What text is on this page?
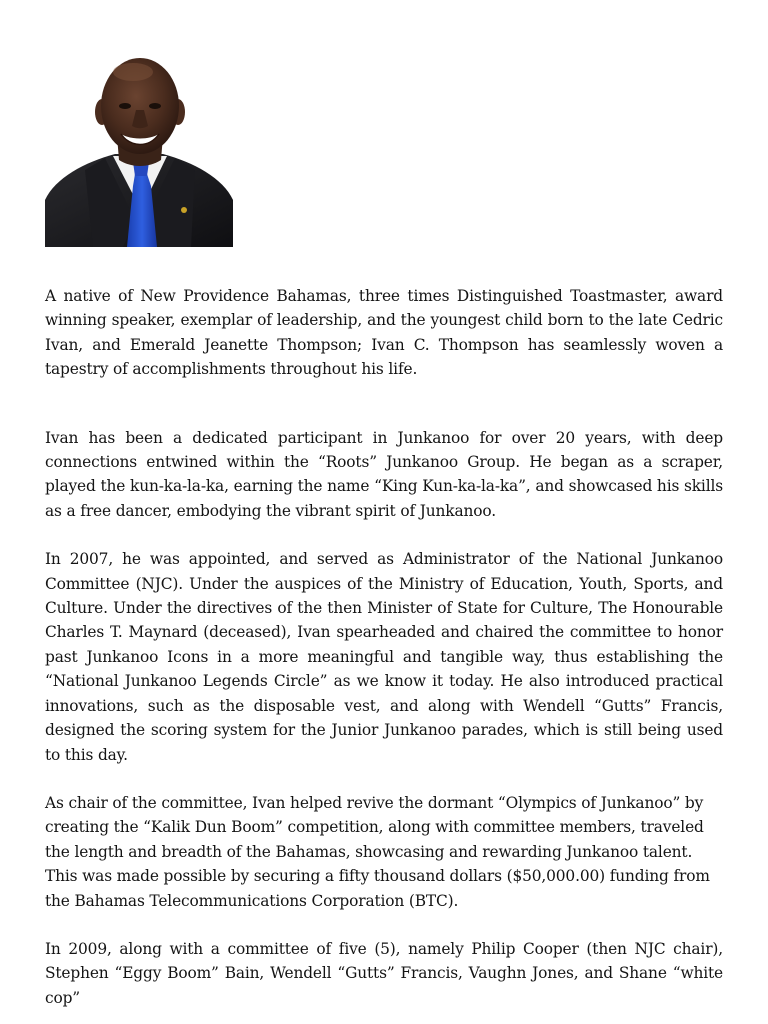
A native of New Providence Bahamas, three times Distinguished Toastmaster, award winning speaker, exemplar of leadership, and the youngest child born to the late Cedric Ivan, and Emerald Jeanette Thompson; Ivan C. Thompson has seamlessly woven a tapestry of accomplishments throughout his life.

Ivan has been a dedicated participant in Junkanoo for over 20 years, with deep connections entwined within the “Roots” Junkanoo Group. He began as a scraper, played the kun-ka-la-ka, earning the name “King Kun-ka-la-ka”, and showcased his skills as a free dancer, embodying the vibrant spirit of Junkanoo.

In 2007, he was appointed, and served as Administrator of the National Junkanoo Committee (NJC). Under the auspices of the Ministry of Education, Youth, Sports, and Culture. Under the directives of the then Minister of State for Culture, The Honourable Charles T. Maynard (deceased), Ivan spearheaded and chaired the committee to honor past Junkanoo Icons in a more meaningful and tangible way, thus establishing the “National Junkanoo Legends Circle” as we know it today. He also introduced practical innovations, such as the disposable vest, and along with Wendell “Gutts” Francis, designed the scoring system for the Junior Junkanoo parades, which is still being used to this day.

As chair of the committee, Ivan helped revive the dormant “Olympics of Junkanoo” by creating the “Kalik Dun Boom” competition, along with committee members, traveled the length and breadth of the Bahamas, showcasing and rewarding Junkanoo talent. This was made possible by securing a fifty thousand dollars ($50,000.00) funding from the Bahamas Telecommunications Corporation (BTC).

In 2009, along with a committee of five (5), namely Philip Cooper (then NJC chair), Stephen “Eggy Boom” Bain, Wendell “Gutts” Francis, Vaughn Jones, and Shane “white cop”
